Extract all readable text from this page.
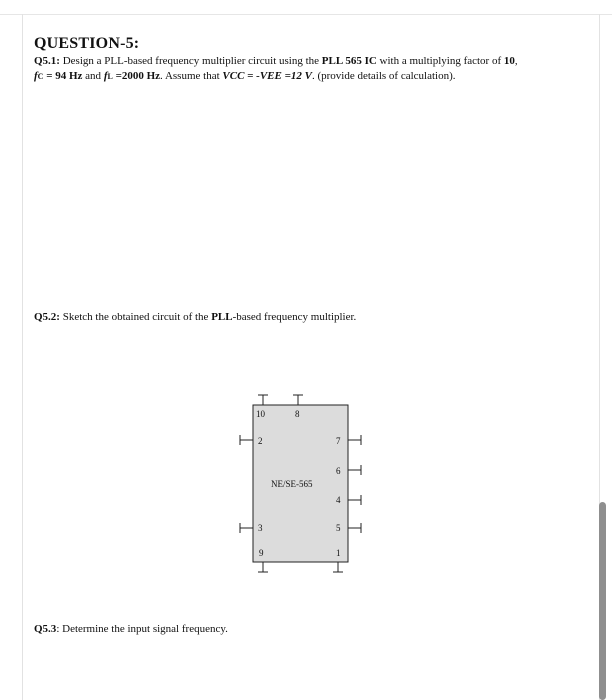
QUESTION-5:
Q5.1: Design a PLL-based frequency multiplier circuit using the PLL 565 IC with a multiplying factor of 10,
fC = 94 Hz and fL =2000 Hz. Assume that VCC = -VEE =12 V. (provide details of calculation).
Q5.2: Sketch the obtained circuit of the PLL-based frequency multiplier.
10	8
2	7
6
NE/SE-565
4
3	5
9	1
Q5.3: Determine the input signal frequency.
